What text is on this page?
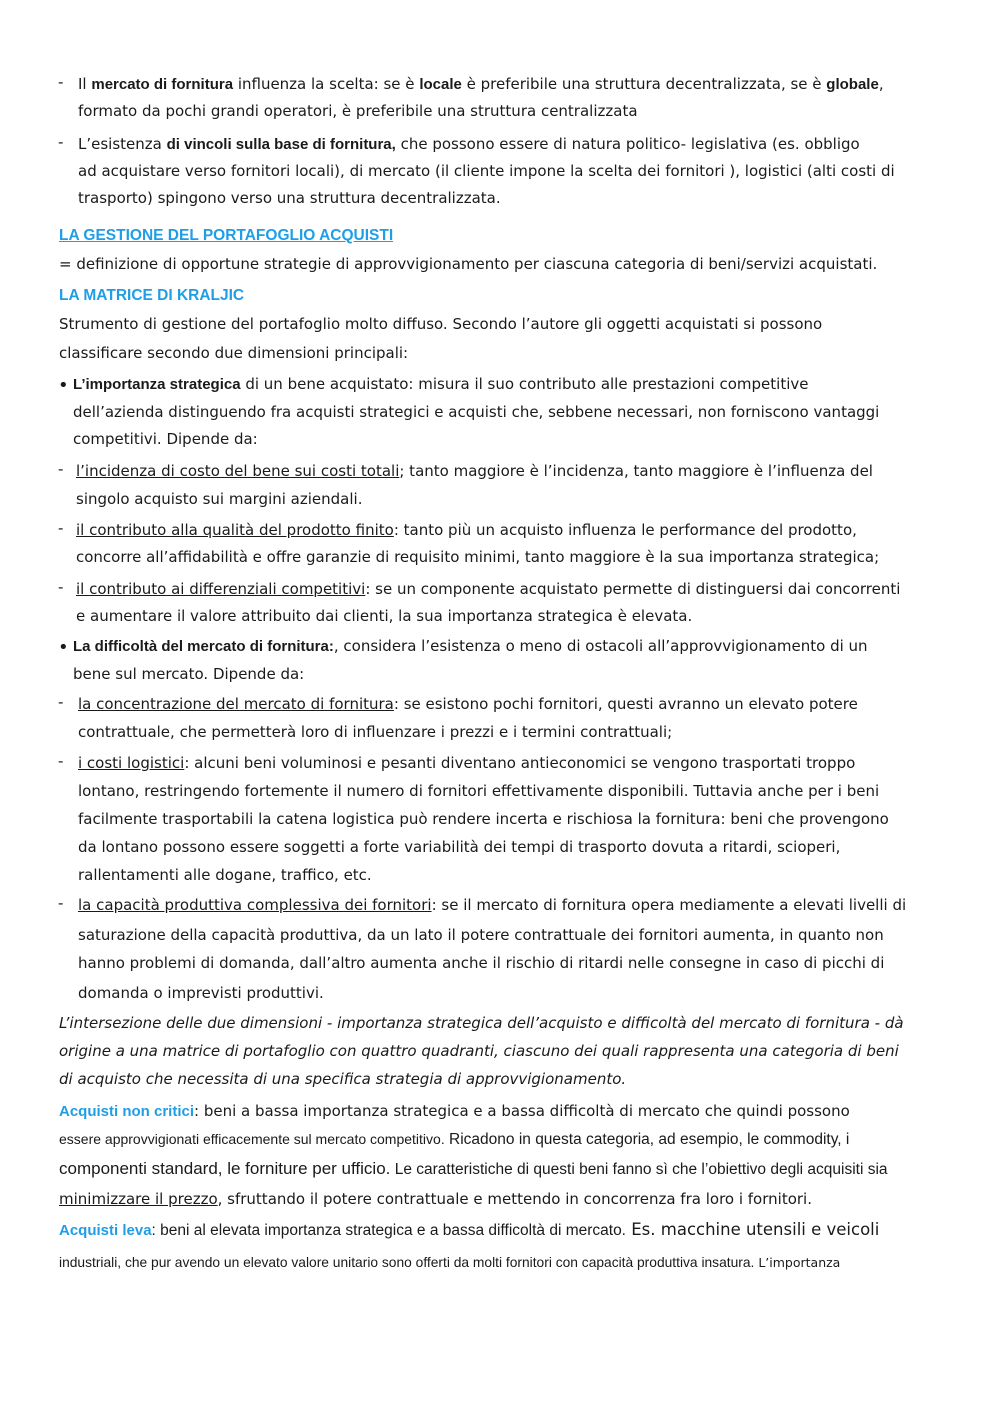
- Il mercato di fornitura influenza la scelta: se è locale è preferibile una struttura decentralizzata, se è globale,
formato da pochi grandi operatori, è preferibile una struttura centralizzata
- L’esistenza di vincoli sulla base di fornitura, che possono essere di natura politico- legislativa (es. obbligo
ad acquistare verso fornitori locali), di mercato (il cliente impone la scelta dei fornitori ), logistici (alti costi di
trasporto) spingono verso una struttura decentralizzata.
LA GESTIONE DEL PORTAFOGLIO ACQUISTI
= definizione di opportune strategie di approvvigionamento per ciascuna categoria di beni/servizi acquistati.
LA MATRICE DI KRALJIC
Strumento di gestione del portafoglio molto diffuso. Secondo l’autore gli oggetti acquistati si possono
classificare secondo due dimensioni principali:
• L’importanza strategica di un bene acquistato: misura il suo contributo alle prestazioni competitive
dell’azienda distinguendo fra acquisti strategici e acquisti che, sebbene necessari, non forniscono vantaggi
competitivi. Dipende da:
- l’incidenza di costo del bene sui costi totali; tanto maggiore è l’incidenza, tanto maggiore è l’influenza del
singolo acquisto sui margini aziendali.
- il contributo alla qualità del prodotto finito: tanto più un acquisto influenza le performance del prodotto,
concorre all’affidabilità e offre garanzie di requisito minimi, tanto maggiore è la sua importanza strategica;
- il contributo ai differenziali competitivi: se un componente acquistato permette di distinguersi dai concorrenti
e aumentare il valore attribuito dai clienti, la sua importanza strategica è elevata.
• La difficoltà del mercato di fornitura:, considera l’esistenza o meno di ostacoli all’approvvigionamento di un
bene sul mercato. Dipende da:
- la concentrazione del mercato di fornitura: se esistono pochi fornitori, questi avranno un elevato potere
contrattuale, che permetterà loro di influenzare i prezzi e i termini contrattuali;
- i costi logistici: alcuni beni voluminosi e pesanti diventano antieconomici se vengono trasportati troppo
lontano, restringendo fortemente il numero di fornitori effettivamente disponibili. Tuttavia anche per i beni
facilmente trasportabili la catena logistica può rendere incerta e rischiosa la fornitura: beni che provengono
da lontano possono essere soggetti a forte variabilità dei tempi di trasporto dovuta a ritardi, scioperi,
rallentamenti alle dogane, traffico, etc.
- la capacità produttiva complessiva dei fornitori: se il mercato di fornitura opera mediamente a elevati livelli di
saturazione della capacità produttiva, da un lato il potere contrattuale dei fornitori aumenta, in quanto non
hanno problemi di domanda, dall’altro aumenta anche il rischio di ritardi nelle consegne in caso di picchi di
domanda o imprevisti produttivi.
L’intersezione delle due dimensioni - importanza strategica dell’acquisto e difficoltà del mercato di fornitura - dà
origine a una matrice di portafoglio con quattro quadranti, ciascuno dei quali rappresenta una categoria di beni
di acquisto che necessita di una specifica strategia di approvvigionamento.
Acquisti non critici: beni a bassa importanza strategica e a bassa difficoltà di mercato che quindi possono
essere approvvigionati efficacemente sul mercato competitivo. Ricadono in questa categoria, ad esempio, le commodity, i
componenti standard, le forniture per ufficio. Le caratteristiche di questi beni fanno sì che l’obiettivo degli acquisiti sia
minimizzare il prezzo, sfruttando il potere contrattuale e mettendo in concorrenza fra loro i fornitori.
Acquisti leva: beni al elevata importanza strategica e a bassa difficoltà di mercato. Es. macchine utensili e veicoli
industriali, che pur avendo un elevato valore unitario sono offerti da molti fornitori con capacità produttiva insatura. L’importanza
